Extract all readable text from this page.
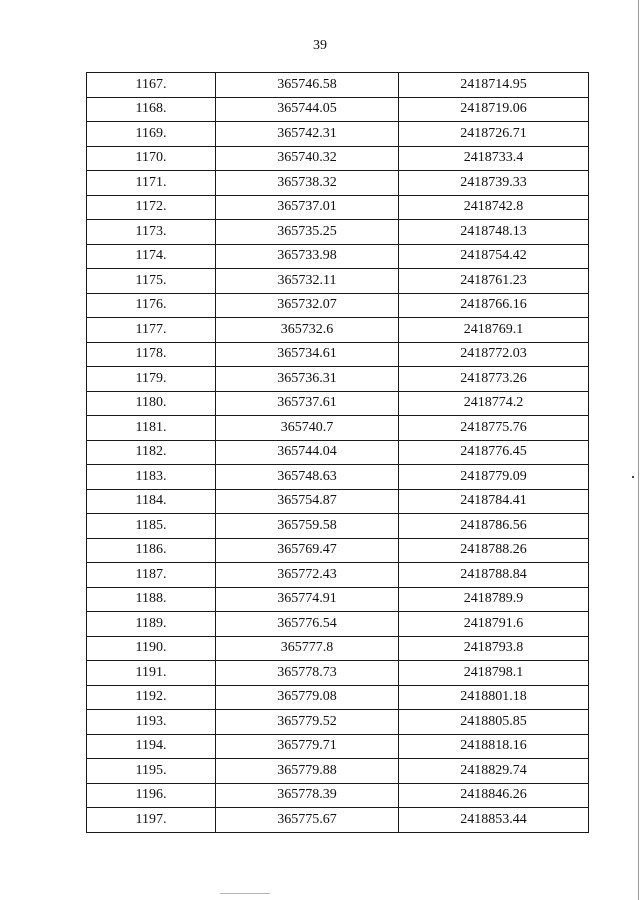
39
1167.	365746.58	2418714.95
1168.	365744.05	2418719.06
1169.	365742.31	2418726.71
1170.	365740.32	2418733.4
1171.	365738.32	2418739.33
1172.	365737.01	2418742.8
1173.	365735.25	2418748.13
1174.	365733.98	2418754.42
1175.	365732.11	2418761.23
1176.	365732.07	2418766.16
1177.	365732.6	2418769.1
1178.	365734.61	2418772.03
1179.	365736.31	2418773.26
1180.	365737.61	2418774.2
1181.	365740.7	2418775.76
1182.	365744.04	2418776.45
1183.	365748.63	2418779.09
1184.	365754.87	2418784.41
1185.	365759.58	2418786.56
1186.	365769.47	2418788.26
1187.	365772.43	2418788.84
1188.	365774.91	2418789.9
1189.	365776.54	2418791.6
1190.	365777.8	2418793.8
1191.	365778.73	2418798.1
1192.	365779.08	2418801.18
1193.	365779.52	2418805.85
1194.	365779.71	2418818.16
1195.	365779.88	2418829.74
1196.	365778.39	2418846.26
1197.	365775.67	2418853.44
